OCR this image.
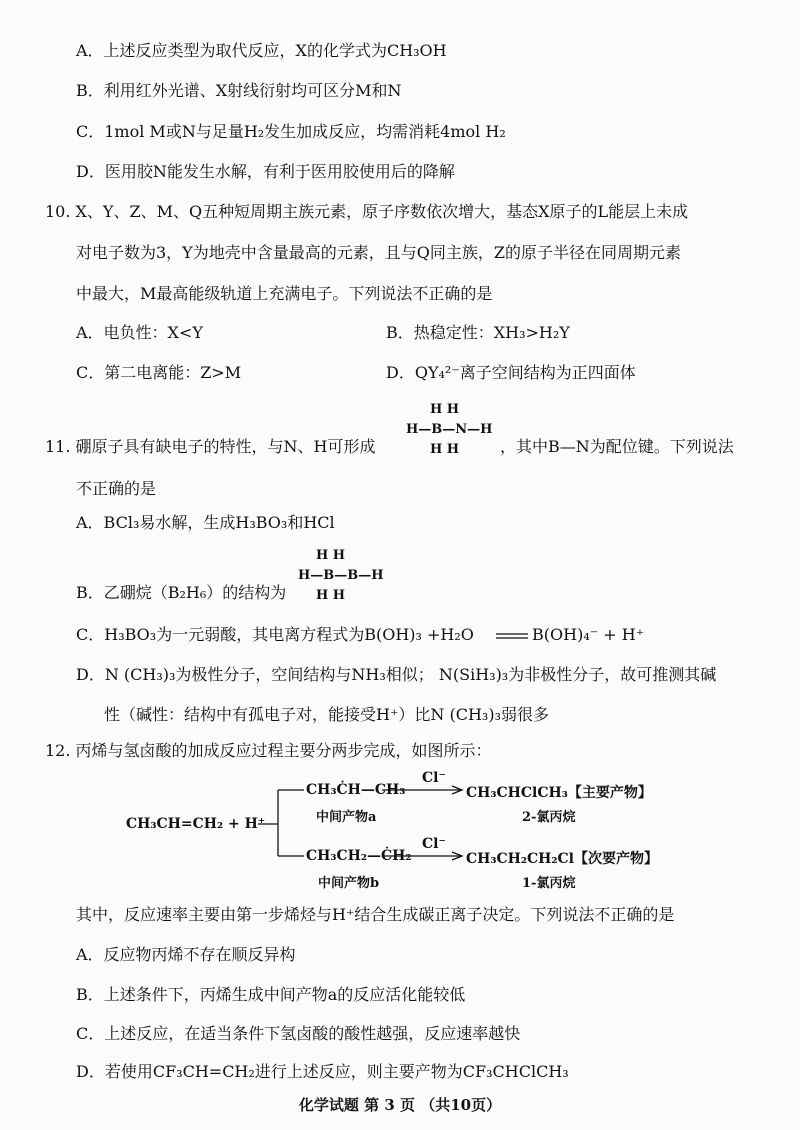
A．上述反应类型为取代反应，X的化学式为CH₃OH
B．利用红外光谱、X射线衍射均可区分M和N
C．1mol M或N与足量H₂发生加成反应，均需消耗4mol H₂
D．医用胶N能发生水解，有利于医用胶使用后的降解
10. X、Y、Z、M、Q五种短周期主族元素，原子序数依次增大，基态X原子的L能层上未成
对电子数为3，Y为地壳中含量最高的元素，且与Q同主族，Z的原子半径在同周期元素
中最大，M最高能级轨道上充满电子。下列说法不正确的是
A．电负性：X<Y	B．热稳定性：XH₃>H₂Y
C．第二电离能：Z>M	D．QY₄²⁻离子空间结构为正四面体
11. 硼原子具有缺电子的特性，与N、H可形成
H H
H—B—N—H
H H	，其中B—N为配位键。下列说法
不正确的是
A．BCl₃易水解，生成H₃BO₃和HCl
B．乙硼烷（B₂H₆）的结构为
H H
H—B—B—H
H H
C．H₃BO₃为一元弱酸，其电离方程式为B(OH)₃ +H₂O	B(OH)₄⁻ + H⁺
D．N (CH₃)₃为极性分子，空间结构与NH₃相似； N(SiH₃)₃为非极性分子，故可推测其碱
性（碱性：结构中有孤电子对，能接受H⁺）比N (CH₃)₃弱很多
12. 丙烯与氢卤酸的加成反应过程主要分两步完成，如图所示：
CH₃CH=CH₂ + H⁺
CH₃ĊH—CH₃
中间产物a
Cl⁻
CH₃CHClCH₃【主要产物】
2-氯丙烷
CH₃CH₂—ĊH₂
中间产物b
Cl⁻
CH₃CH₂CH₂Cl【次要产物】
1-氯丙烷
其中，反应速率主要由第一步烯烃与H⁺结合生成碳正离子决定。下列说法不正确的是
A．反应物丙烯不存在顺反异构
B．上述条件下，丙烯生成中间产物a的反应活化能较低
C．上述反应，在适当条件下氢卤酸的酸性越强，反应速率越快
D．若使用CF₃CH=CH₂进行上述反应，则主要产物为CF₃CHClCH₃
化学试题 第 3 页 （共10页）
